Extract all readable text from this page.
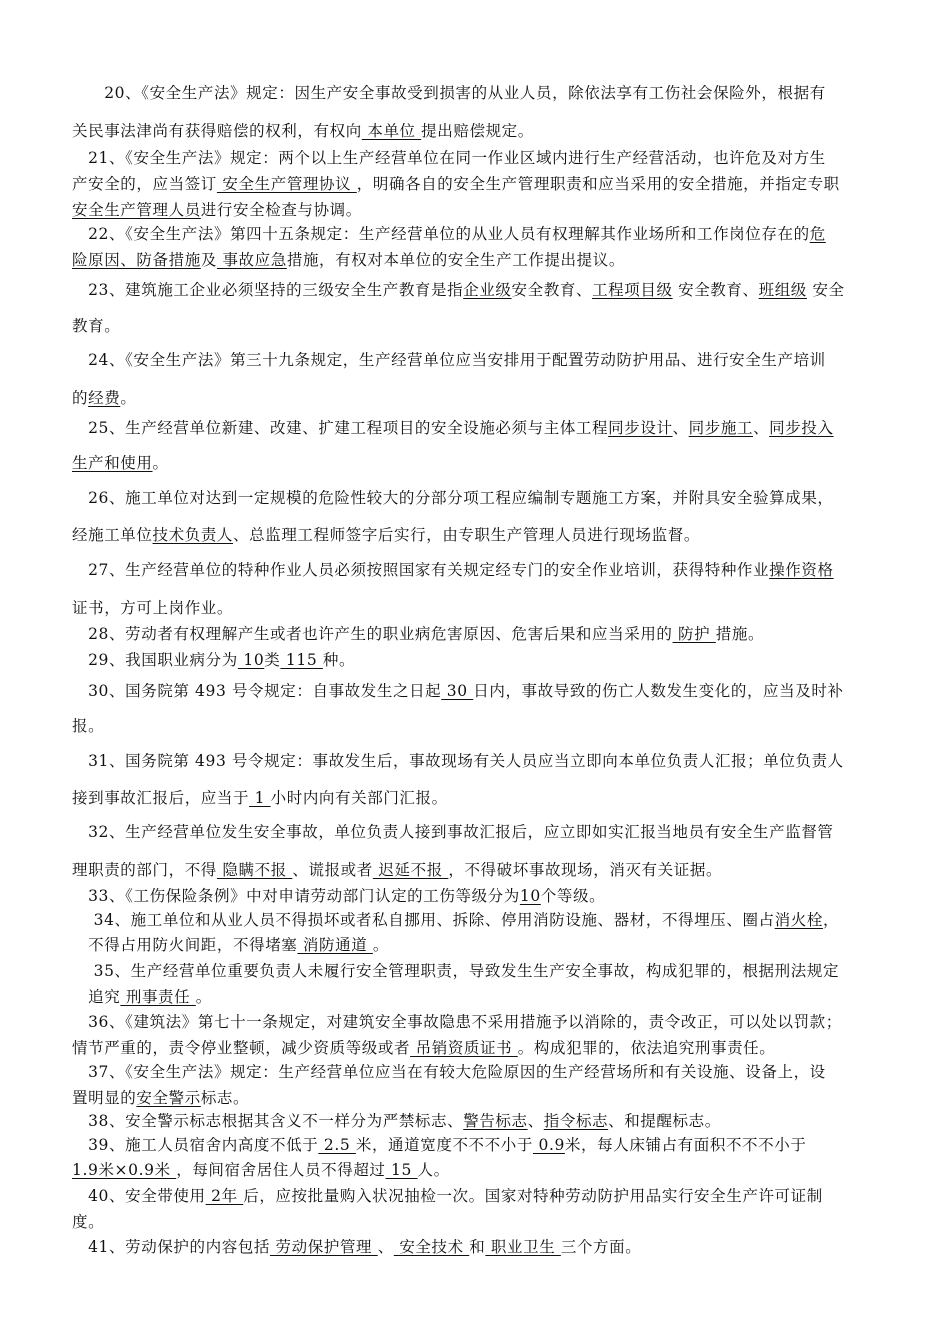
　　20、《安全生产法》规定：因生产安全事故受到损害的从业人员，除依法享有工伤社会保险外，根据有
关民事法津尚有获得赔偿的权利，有权向 本单位 提出赔偿规定。
　21、《安全生产法》规定：两个以上生产经营单位在同一作业区域内进行生产经营活动，也许危及对方生
产安全的，应当签订 安全生产管理协议 ，明确各自的安全生产管理职责和应当采用的安全措施，并指定专职
安全生产管理人员进行安全检查与协调。
　22、《安全生产法》第四十五条规定：生产经营单位的从业人员有权理解其作业场所和工作岗位存在的危
险原因、防备措施及 事故应急措施，有权对本单位的安全生产工作提出提议。
　23、建筑施工企业必须坚持的三级安全生产教育是指企业级安全教育、工程项目级 安全教育、班组级 安全
教育。
　24、《安全生产法》第三十九条规定，生产经营单位应当安排用于配置劳动防护用品、进行安全生产培训
的经费。
　25、生产经营单位新建、改建、扩建工程项目的安全设施必须与主体工程同步设计、同步施工、同步投入
生产和使用。
　26、施工单位对达到一定规模的危险性较大的分部分项工程应编制专题施工方案，并附具安全验算成果，
经施工单位技术负责人、总监理工程师签字后实行，由专职生产管理人员进行现场监督。
　27、生产经营单位的特种作业人员必须按照国家有关规定经专门的安全作业培训，获得特种作业操作资格
证书，方可上岗作业。
　28、劳动者有权理解产生或者也许产生的职业病危害原因、危害后果和应当采用的 防护 措施。
　29、我国职业病分为 10类 115 种。
　30、国务院第 493 号令规定：自事故发生之日起 30 日内，事故导致的伤亡人数发生变化的，应当及时补
报。
　31、国务院第 493 号令规定：事故发生后，事故现场有关人员应当立即向本单位负责人汇报；单位负责人
接到事故汇报后，应当于 1 小时内向有关部门汇报。
　32、生产经营单位发生安全事故，单位负责人接到事故汇报后，应立即如实汇报当地员有安全生产监督管
理职责的部门，不得 隐瞒不报 、谎报或者 迟延不报 ，不得破坏事故现场，消灭有关证据。
　33、《工伤保险条例》中对申请劳动部门认定的工伤等级分为10个等级。
　 34、施工单位和从业人员不得损坏或者私自挪用、拆除、停用消防设施、器材，不得埋压、圈占消火栓，
　不得占用防火间距，不得堵塞 消防通道 。
　 35、生产经营单位重要负责人未履行安全管理职责，导致发生生产安全事故，构成犯罪的，根据刑法规定
　追究 刑事责任 。
　36、《建筑法》第七十一条规定，对建筑安全事故隐患不采用措施予以消除的，责令改正，可以处以罚款；
情节严重的，责令停业整顿，减少资质等级或者 吊销资质证书 。构成犯罪的，依法追究刑事责任。
　37、《安全生产法》规定：生产经营单位应当在有较大危险原因的生产经营场所和有关设施、设备上，设
置明显的安全警示标志。
　38、安全警示标志根据其含义不一样分为严禁标志、警告标志、指令标志、和提醒标志。
　39、施工人员宿舍内高度不低于 2.5 米，通道宽度不不不小于 0.9米，每人床铺占有面积不不不小于
1.9米×0.9米 ，每间宿舍居住人员不得超过 15 人。
　40、安全带使用 2年 后，应按批量购入状况抽检一次。国家对特种劳动防护用品实行安全生产许可证制
度。
　41、劳动保护的内容包括 劳动保护管理 、 安全技术 和 职业卫生 三个方面。
